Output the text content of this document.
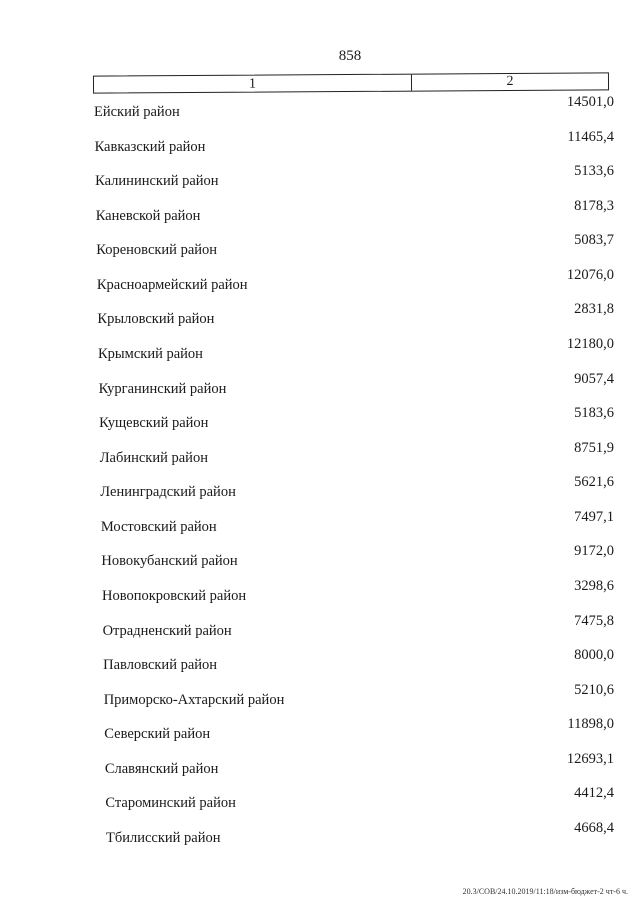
858
1	2
Ейский район
14501,0
Кавказский район
11465,4
Калининский район
5133,6
Каневской район
8178,3
Кореновский район
5083,7
Красноармейский район
12076,0
Крыловский район
2831,8
Крымский район
12180,0
Курганинский район
9057,4
Кущевский район
5183,6
Лабинский район
8751,9
Ленинградский район
5621,6
Мостовский район
7497,1
Новокубанский район
9172,0
Новопокровский район
3298,6
Отрадненский район
7475,8
Павловский район
8000,0
Приморско-Ахтарский район
5210,6
Северский район
11898,0
Славянский район
12693,1
Староминский район
4412,4
Тбилисский район
4668,4
20.3/СОВ/24.10.2019/11:18/изм-бюджет-2 чт-6 ч.
